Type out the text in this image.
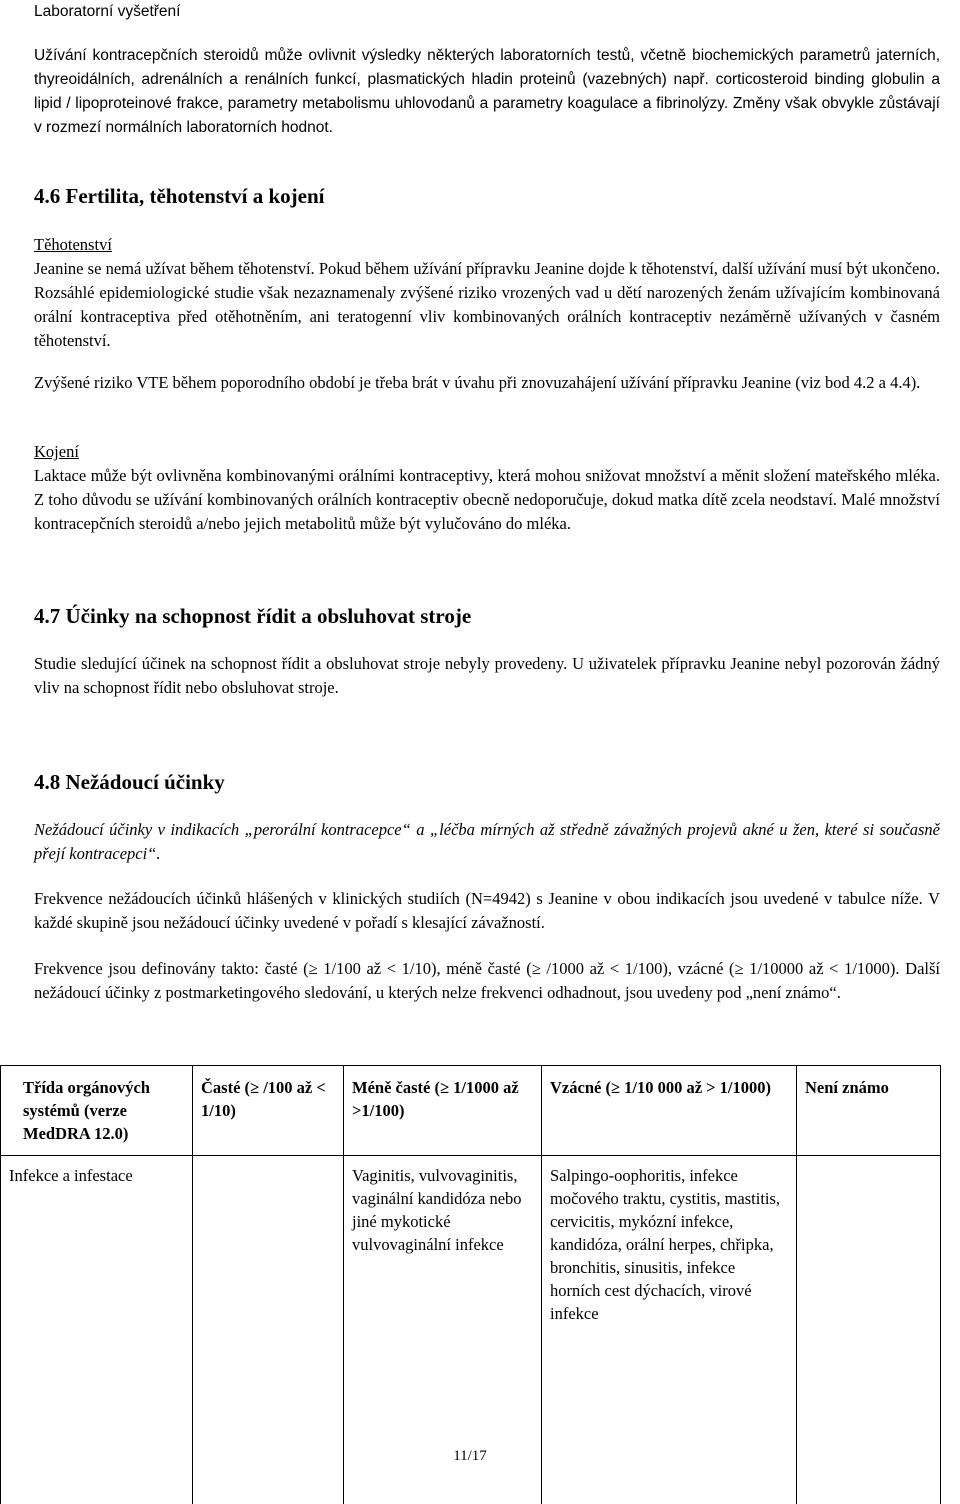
Laboratorní vyšetření

Užívání kontracepčních steroidů může ovlivnit výsledky některých laboratorních testů, včetně biochemických parametrů jaterních, thyreoidálních, adrenálních a renálních funkcí, plasmatických hladin proteinů (vazebných) např. corticosteroid binding globulin a lipid / lipoproteinové frakce, parametry metabolismu uhlovodanů a parametry koagulace a fibrinolýzy. Změny však obvykle zůstávají v rozmezí normálních laboratorních hodnot.

4.6 Fertilita, těhotenství a kojení
Těhotenství

Jeanine se nemá užívat během těhotenství. Pokud během užívání přípravku Jeanine dojde k těhotenství, další užívání musí být ukončeno. Rozsáhlé epidemiologické studie však nezaznamenaly zvýšené riziko vrozených vad u dětí narozených ženám užívajícím kombinovaná orální kontraceptiva před otěhotněním, ani teratogenní vliv kombinovaných orálních kontraceptiv nezáměrně užívaných v časném těhotenství.

Zvýšené riziko VTE během poporodního období je třeba brát v úvahu při znovuzahájení užívání přípravku Jeanine (viz bod 4.2 a 4.4).

Kojení

Laktace může být ovlivněna kombinovanými orálními kontraceptivy, která mohou snižovat množství a měnit složení mateřského mléka. Z toho důvodu se užívání kombinovaných orálních kontraceptiv obecně nedoporučuje, dokud matka dítě zcela neodstaví. Malé množství kontracepčních steroidů a/nebo jejich metabolitů může být vylučováno do mléka.

4.7 Účinky na schopnost řídit a obsluhovat stroje

Studie sledující účinek na schopnost řídit a obsluhovat stroje nebyly provedeny. U uživatelek přípravku Jeanine nebyl pozorován žádný vliv na schopnost řídit nebo obsluhovat stroje.

4.8 Nežádoucí účinky

Nežádoucí účinky v indikacích „perorální kontracepce“ a „léčba mírných až středně závažných projevů akné u žen, které si současně přejí kontracepci“.

Frekvence nežádoucích účinků hlášených v klinických studiích (N=4942) s Jeanine v obou indikacích jsou uvedené v tabulce níže. V každé skupině jsou nežádoucí účinky uvedené v pořadí s klesající závažností.

Frekvence jsou definovány takto: časté (≥ 1/100 až < 1/10), méně časté (≥ /1000 až < 1/100), vzácné (≥ 1/10000 až < 1/1000). Další nežádoucí účinky z postmarketingového sledování, u kterých nelze frekvenci odhadnout, jsou uvedeny pod „není známo“.

Třída orgánových systémů (verze MedDRA 12.0)	Časté (≥ /100 až < 1/10)	Méně časté (≥ 1/1000 až >1/100)	Vzácné (≥ 1/10 000 až > 1/1000)	Není známo
Infekce a infestace		Vaginitis, vulvovaginitis, vaginální kandidóza nebo jiné mykotické vulvovaginální infekce	Salpingo-oophoritis, infekce močového traktu, cystitis, mastitis, cervicitis, mykózní infekce, kandidóza, orální herpes, chřipka, bronchitis, sinusitis, infekce horních cest dýchacích, virové infekce	
11/17
